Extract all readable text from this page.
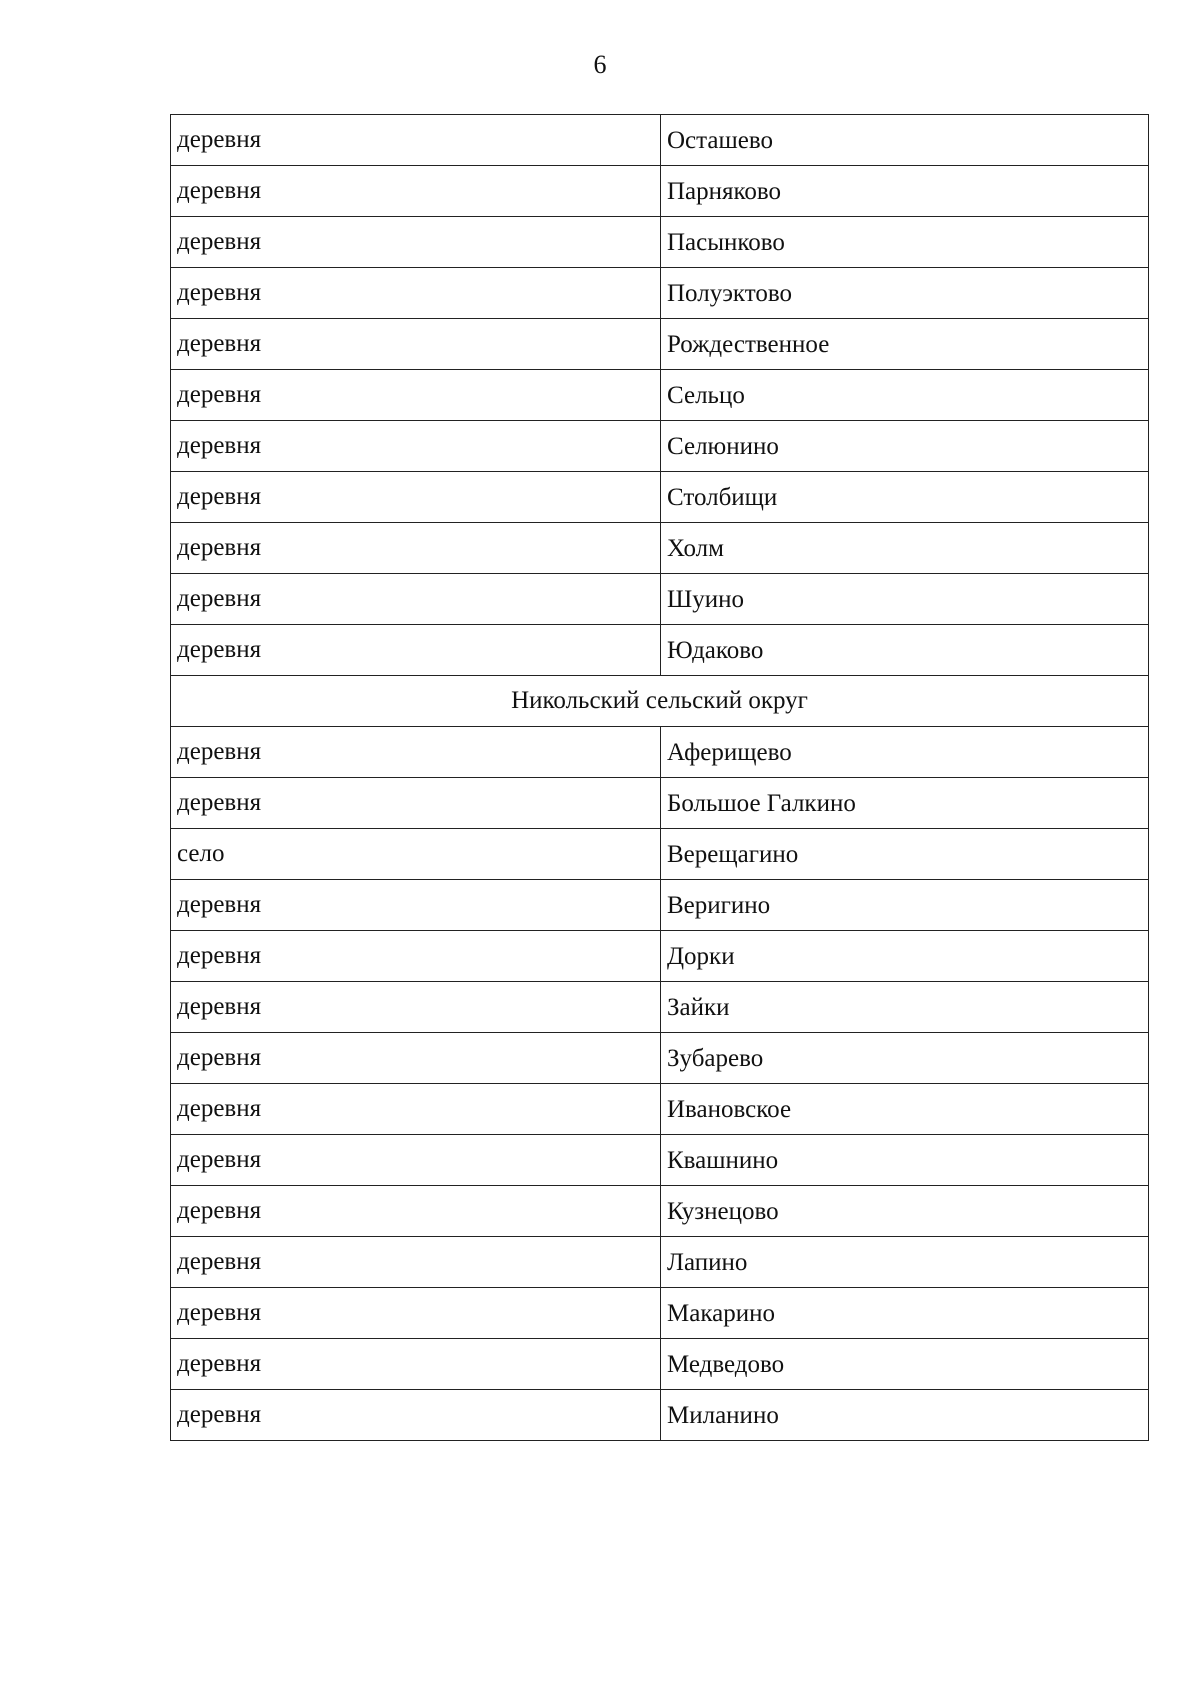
6
деревня	Осташево
деревня	Парняково
деревня	Пасынково
деревня	Полуэктово
деревня	Рождественное
деревня	Сельцо
деревня	Селюнино
деревня	Столбищи
деревня	Холм
деревня	Шуино
деревня	Юдаково
Никольский сельский округ	
деревня	Аферищево
деревня	Большое Галкино
село	Верещагино
деревня	Веригино
деревня	Дорки
деревня	Зайки
деревня	Зубарево
деревня	Ивановское
деревня	Квашнино
деревня	Кузнецово
деревня	Лапино
деревня	Макарино
деревня	Медведово
деревня	Миланино
